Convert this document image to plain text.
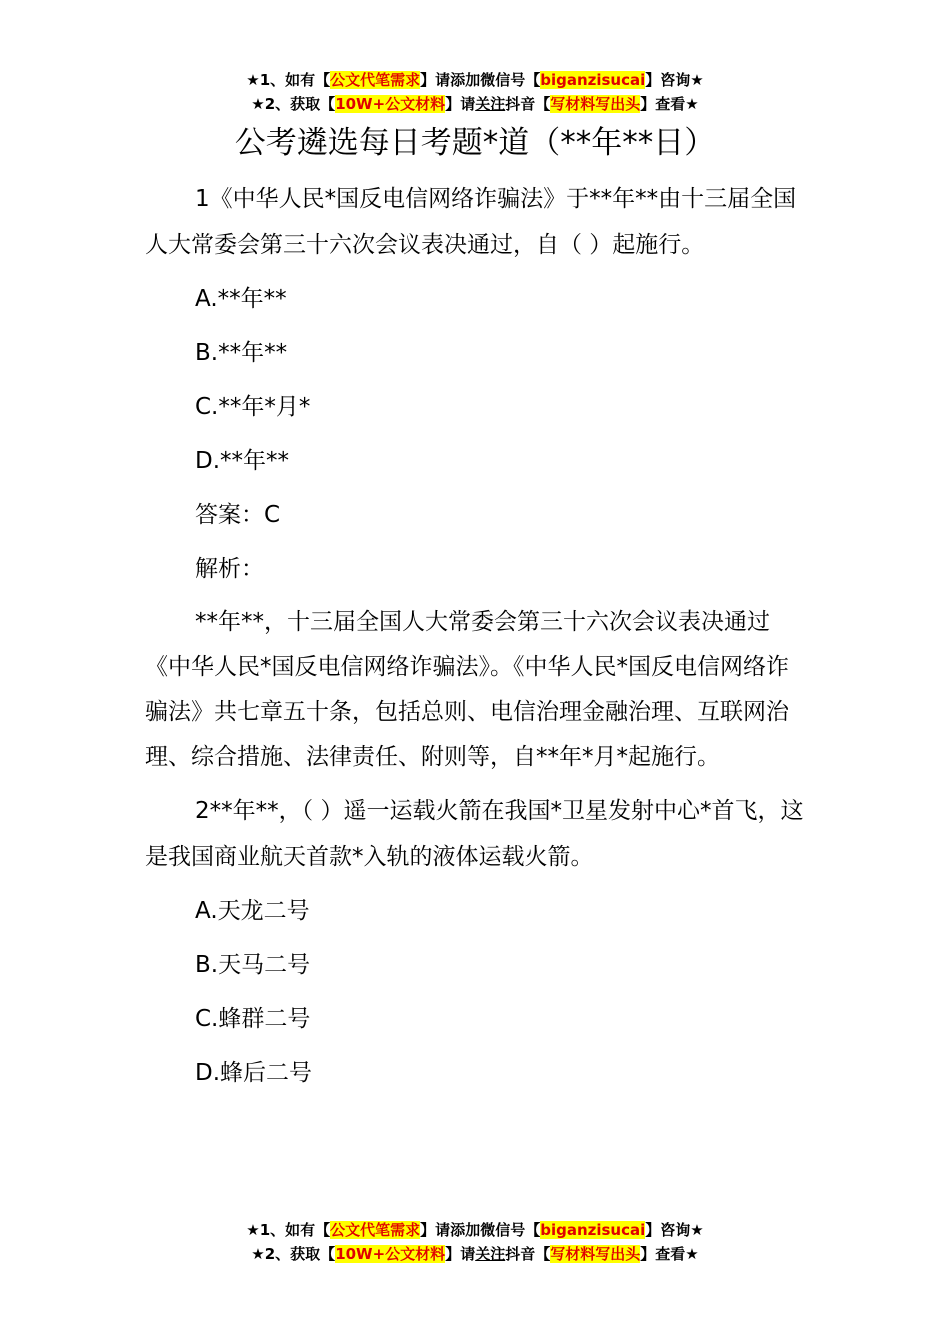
★1、如有【公文代笔需求】请添加微信号【biganzisucai】咨询★
★2、获取【10W+公文材料】请关注抖音【写材料写出头】查看★
公考遴选每日考题*道（**年**日）

1《中华人民*国反电信网络诈骗法》于**年**由十三届全国人大常委会第三十六次会议表决通过，自（ ）起施行。

A.**年**

B.**年**

C.**年*月*

D.**年**

答案：C

解析：

**年**，十三届全国人大常委会第三十六次会议表决通过《中华人民*国反电信网络诈骗法》。《中华人民*国反电信网络诈骗法》共七章五十条，包括总则、电信治理金融治理、互联网治理、综合措施、法律责任、附则等，自**年*月*起施行。

2**年**，（ ）遥一运载火箭在我国*卫星发射中心*首飞，这是我国商业航天首款*入轨的液体运载火箭。

A.天龙二号

B.天马二号

C.蜂群二号

D.蜂后二号

★1、如有【公文代笔需求】请添加微信号【biganzisucai】咨询★
★2、获取【10W+公文材料】请关注抖音【写材料写出头】查看★
